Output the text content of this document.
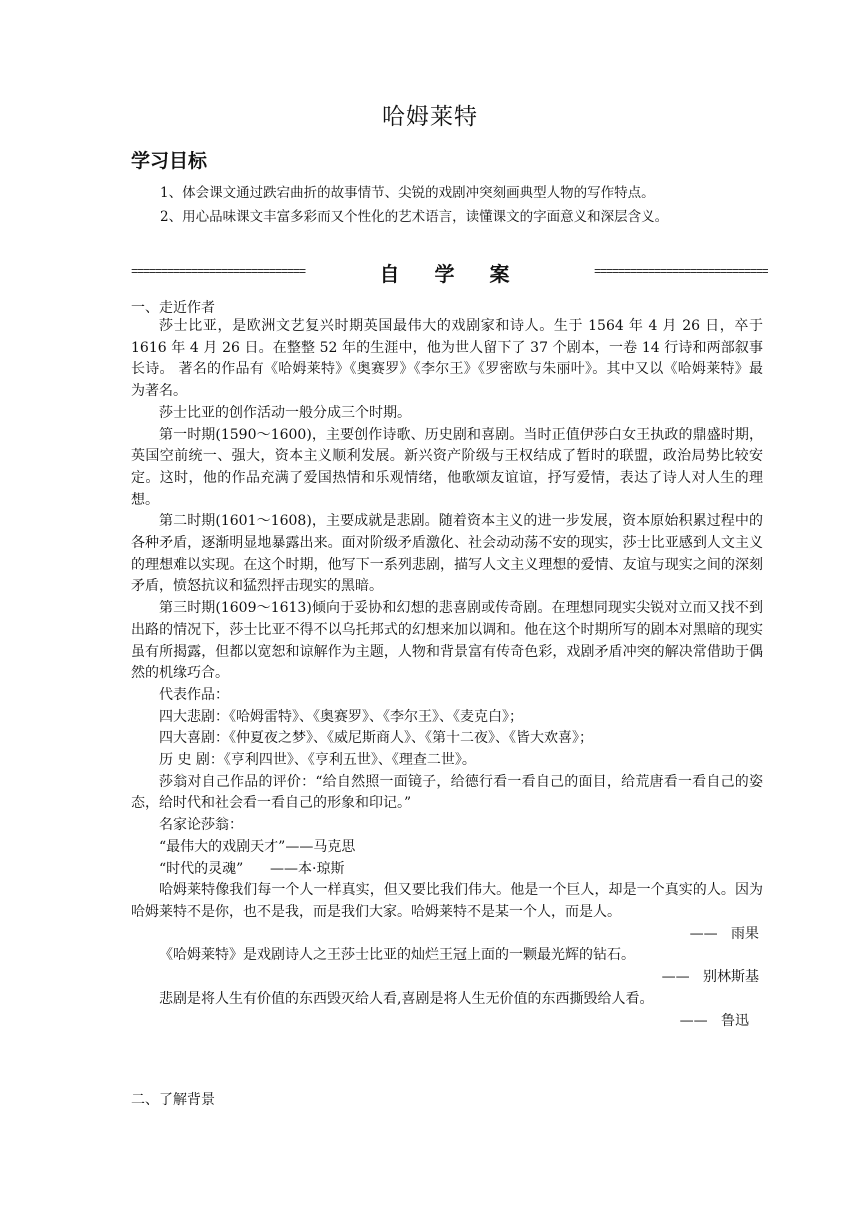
哈姆莱特
学习目标
1、体会课文通过跌宕曲折的故事情节、尖锐的戏剧冲突刻画典型人物的写作特点。
2、用心品味课文丰富多彩而又个性化的艺术语言，读懂课文的字面意义和深层含义。
=============================	自 学 案	=============================
一、走近作者

莎士比亚，是欧洲文艺复兴时期英国最伟大的戏剧家和诗人。生于 1564 年 4 月 26 日，卒于 1616 年 4 月 26 日。在整整 52 年的生涯中，他为世人留下了 37 个剧本，一卷 14 行诗和两部叙事长诗。 著名的作品有《哈姆莱特》《奥赛罗》《李尔王》《罗密欧与朱丽叶》。其中又以《哈姆莱特》最为著名。

莎士比亚的创作活动一般分成三个时期。

第一时期(1590～1600)，主要创作诗歌、历史剧和喜剧。当时正值伊莎白女王执政的鼎盛时期，英国空前统一、强大，资本主义顺利发展。新兴资产阶级与王权结成了暂时的联盟，政治局势比较安定。这时，他的作品充满了爱国热情和乐观情绪，他歌颂友谊谊，抒写爱情，表达了诗人对人生的理想。

第二时期(1601～1608)，主要成就是悲剧。随着资本主义的进一步发展，资本原始积累过程中的各种矛盾，逐渐明显地暴露出来。面对阶级矛盾激化、社会动动荡不安的现实，莎士比亚感到人文主义的理想难以实现。在这个时期，他写下一系列悲剧，描写人文主义理想的爱情、友谊与现实之间的深刻矛盾，愤怒抗议和猛烈抨击现实的黑暗。

第三时期(1609～1613)倾向于妥协和幻想的悲喜剧或传奇剧。在理想同现实尖锐对立而又找不到出路的情况下，莎士比亚不得不以乌托邦式的幻想来加以调和。他在这个时期所写的剧本对黑暗的现实虽有所揭露，但都以宽恕和谅解作为主题，人物和背景富有传奇色彩，戏剧矛盾冲突的解决常借助于偶然的机缘巧合。

代表作品：
四大悲剧：《哈姆雷特》、《奥赛罗》、《李尔王》、《麦克白》；
四大喜剧：《仲夏夜之梦》、《威尼斯商人》、《第十二夜》、《皆大欢喜》；
历 史 剧：《亨利四世》、《亨利五世》、《理查二世》。

莎翁对自己作品的评价：“给自然照一面镜子，给德行看一看自己的面目，给荒唐看一看自己的姿态，给时代和社会看一看自己的形象和印记。”

名家论莎翁：
“最伟大的戏剧天才”——马克思
“时代的灵魂”      ——本·琼斯

哈姆莱特像我们每一个人一样真实，但又要比我们伟大。他是一个巨人，却是一个真实的人。因为哈姆莱特不是你，也不是我，而是我们大家。哈姆莱特不是某一个人，而是人。

——   雨果
《哈姆莱特》是戏剧诗人之王莎士比亚的灿烂王冠上面的一颗最光辉的钻石。
——   别林斯基
悲剧是将人生有价值的东西毁灭给人看,喜剧是将人生无价值的东西撕毁给人看。
——   鲁迅
二、了解背景
